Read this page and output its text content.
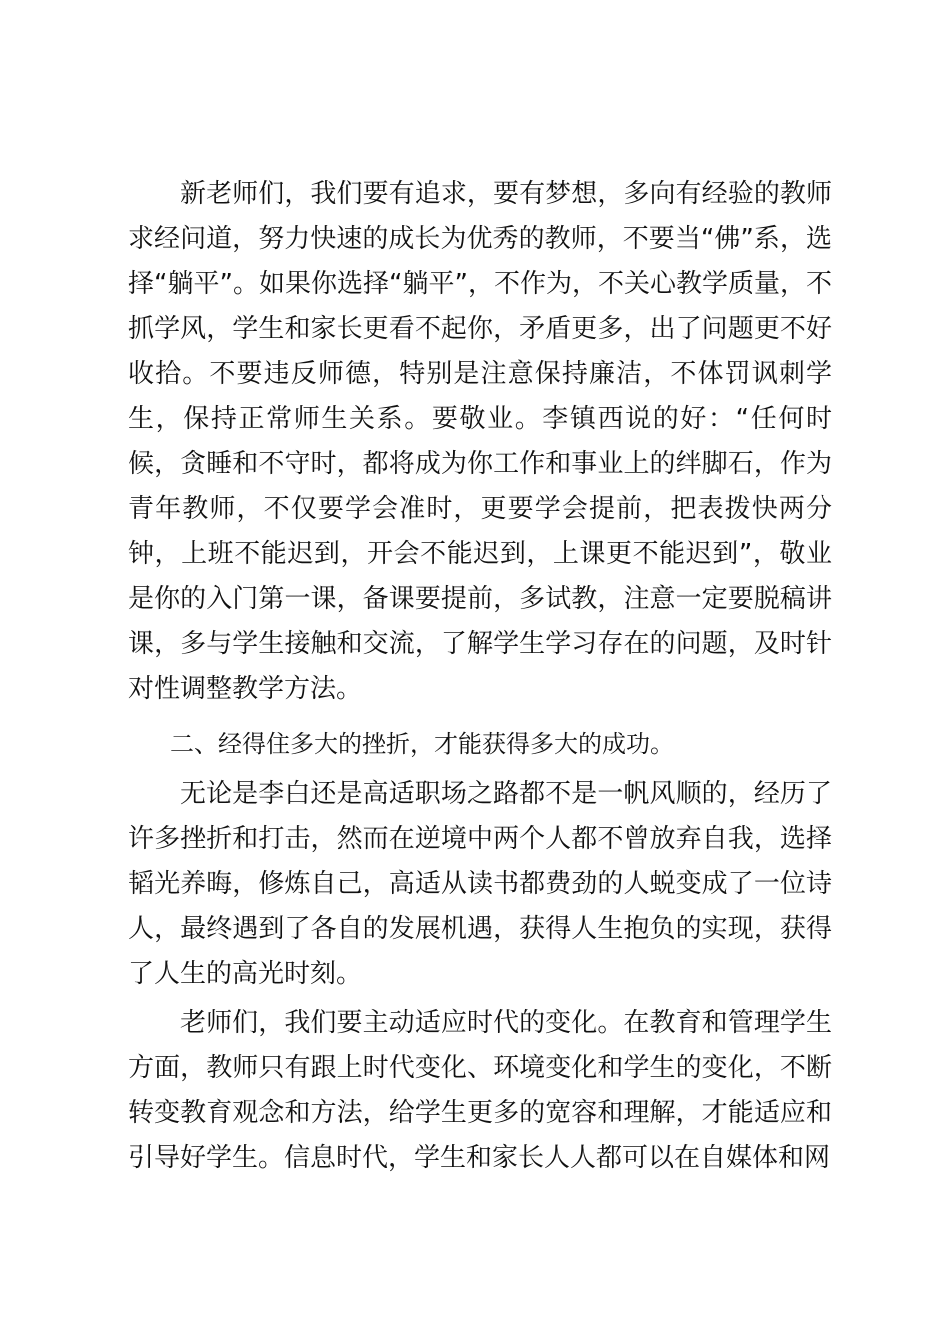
新老师们，我们要有追求，要有梦想，多向有经验的教师求经问道，努力快速的成长为优秀的教师，不要当“佛”系，选择“躺平”。如果你选择“躺平”，不作为，不关心教学质量，不抓学风，学生和家长更看不起你，矛盾更多，出了问题更不好收拾。不要违反师德，特别是注意保持廉洁，不体罚讽刺学生，保持正常师生关系。要敬业。李镇西说的好：“任何时候，贪睡和不守时，都将成为你工作和事业上的绊脚石，作为青年教师，不仅要学会准时，更要学会提前，把表拨快两分钟，上班不能迟到，开会不能迟到，上课更不能迟到”，敬业是你的入门第一课，备课要提前，多试教，注意一定要脱稿讲课，多与学生接触和交流，了解学生学习存在的问题，及时针对性调整教学方法。

二、经得住多大的挫折，才能获得多大的成功。

无论是李白还是高适职场之路都不是一帆风顺的，经历了许多挫折和打击，然而在逆境中两个人都不曾放弃自我，选择韬光养晦，修炼自己，高适从读书都费劲的人蜕变成了一位诗人，最终遇到了各自的发展机遇，获得人生抱负的实现，获得了人生的高光时刻。

老师们，我们要主动适应时代的变化。在教育和管理学生方面，教师只有跟上时代变化、环境变化和学生的变化，不断转变教育观念和方法，给学生更多的宽容和理解，才能适应和引导好学生。信息时代，学生和家长人人都可以在自媒体和网
